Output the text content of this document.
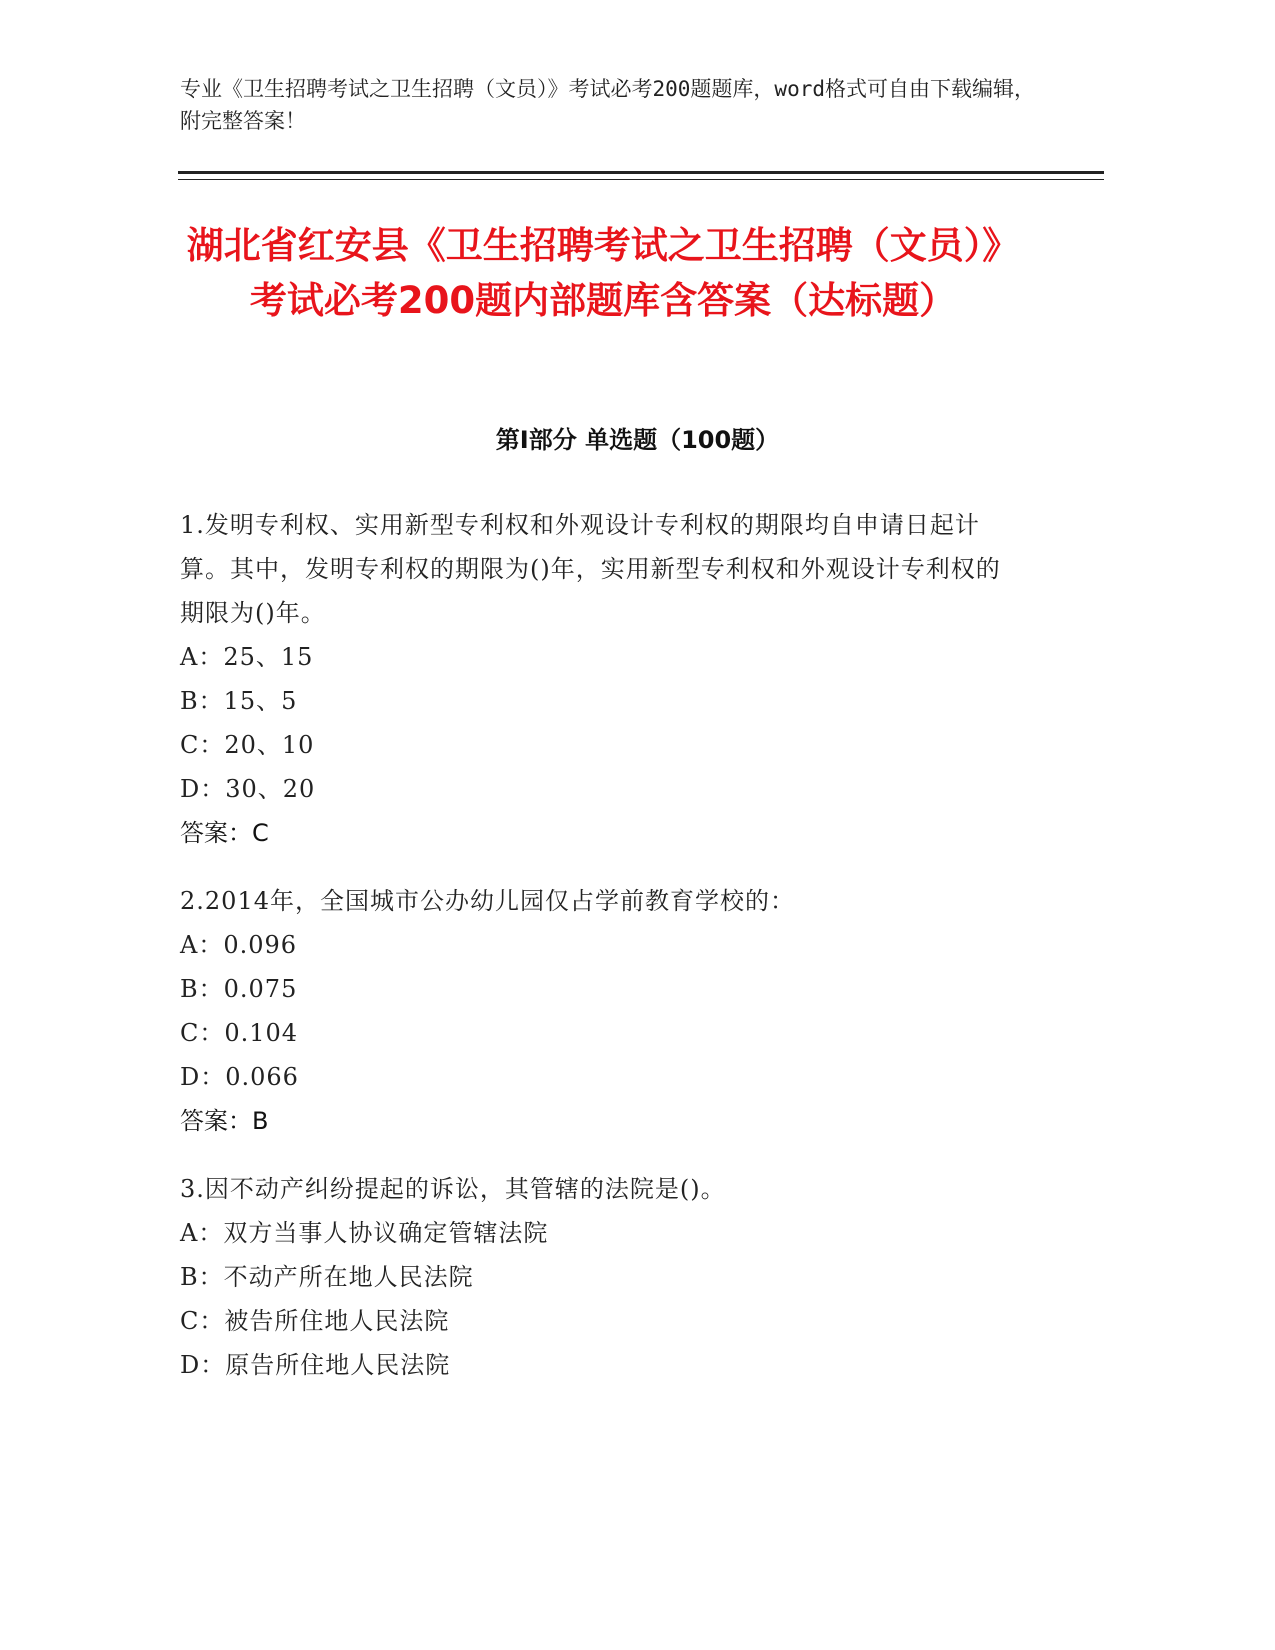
专业《卫生招聘考试之卫生招聘（文员）》考试必考200题题库，word格式可自由下载编辑，附完整答案！
湖北省红安县《卫生招聘考试之卫生招聘（文员）》考试必考200题内部题库含答案（达标题）
第I部分 单选题（100题）
1.发明专利权、实用新型专利权和外观设计专利权的期限均自申请日起计算。其中，发明专利权的期限为()年，实用新型专利权和外观设计专利权的期限为()年。
A：25、15
B：15、5
C：20、10
D：30、20
答案：C
2.2014年，全国城市公办幼儿园仅占学前教育学校的：
A：0.096
B：0.075
C：0.104
D：0.066
答案：B
3.因不动产纠纷提起的诉讼，其管辖的法院是()。
A：双方当事人协议确定管辖法院
B：不动产所在地人民法院
C：被告所住地人民法院
D：原告所住地人民法院
